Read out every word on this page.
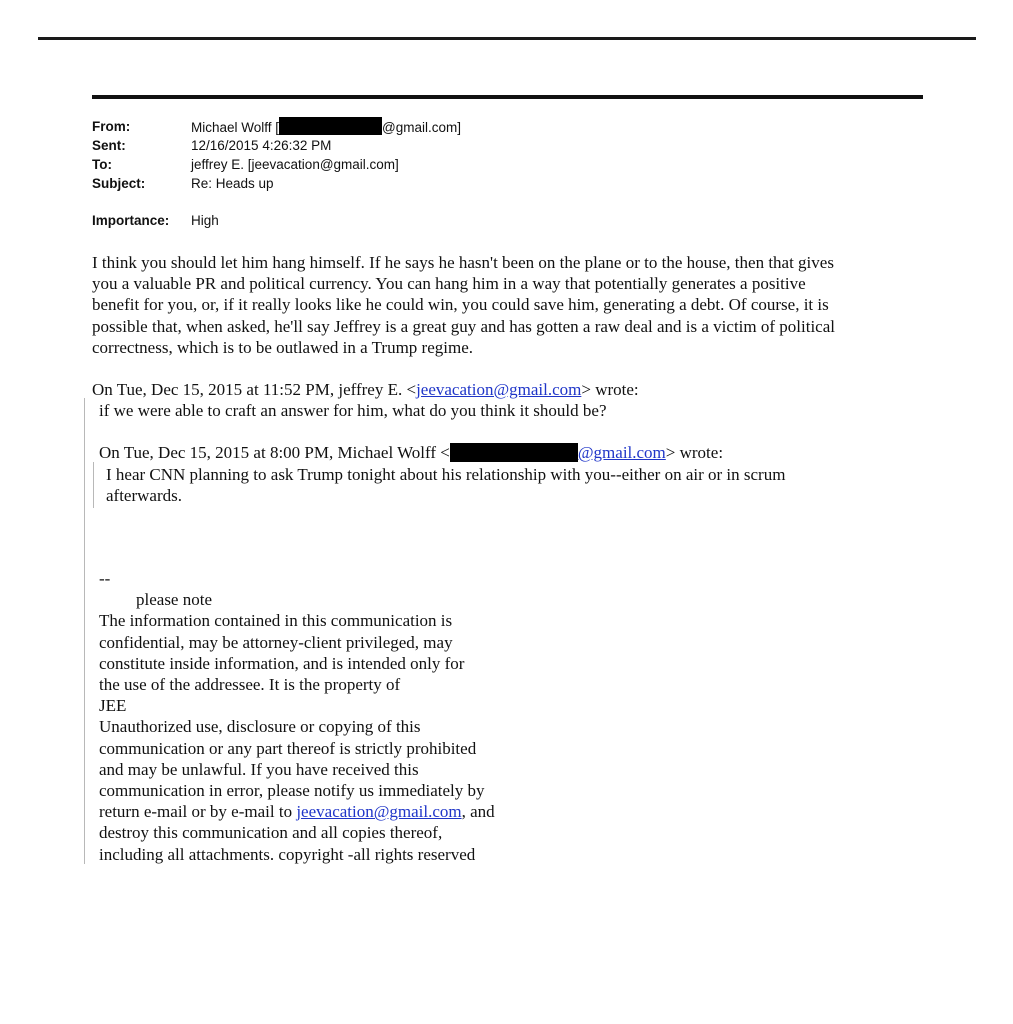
From:	Michael Wolff [	@gmail.com]
Sent:	12/16/2015 4:26:32 PM
To:	jeffrey E. [jeevacation@gmail.com]
Subject:	Re: Heads up
Importance: High
I think you should let him hang himself. If he says he hasn't been on the plane or to the house, then that gives
you a valuable PR and political currency. You can hang him in a way that potentially generates a positive
benefit for you, or, if it really looks like he could win, you could save him, generating a debt. Of course, it is
possible that, when asked, he'll say Jeffrey is a great guy and has gotten a raw deal and is a victim of political
correctness, which is to be outlawed in a Trump regime.
On Tue, Dec 15, 2015 at 11:52 PM, jeffrey E. <jeevacation@gmail.com> wrote:
if we were able to craft an answer for him, what do you think it should be?
On Tue, Dec 15, 2015 at 8:00 PM, Michael Wolff <	@gmail.com> wrote:
I hear CNN planning to ask Trump tonight about his relationship with you--either on air or in scrum
afterwards.
--
please note
The information contained in this communication is
confidential, may be attorney-client privileged, may
constitute inside information, and is intended only for
the use of the addressee. It is the property of
JEE
Unauthorized use, disclosure or copying of this
communication or any part thereof is strictly prohibited
and may be unlawful. If you have received this
communication in error, please notify us immediately by
return e-mail or by e-mail to jeevacation@gmail.com, and
destroy this communication and all copies thereof,
including all attachments. copyright -all rights reserved
